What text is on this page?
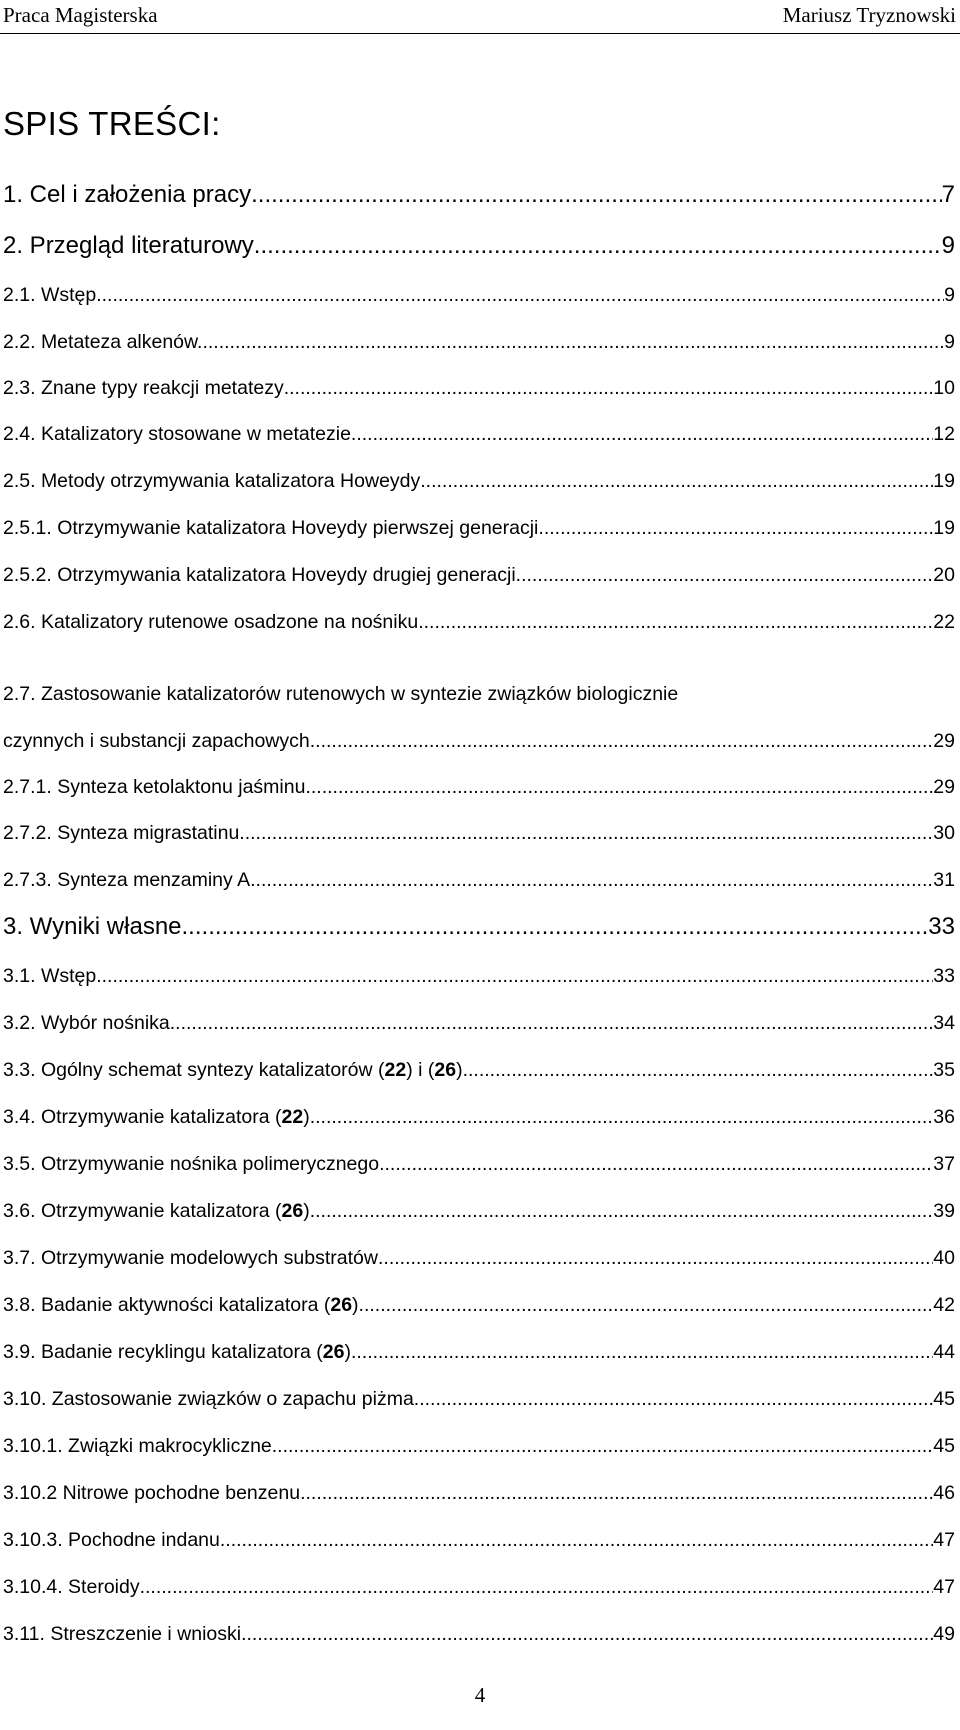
Praca Magisterska	Mariusz Tryznowski
SPIS TREŚCI:
1. Cel i założenia pracy .....	7
2. Przegląd literaturowy .....	9
2.1. Wstęp .....	9
2.2. Metateza alkenów. .....	9
2.3. Znane typy reakcji metatezy .....	10
2.4. Katalizatory stosowane w metatezie. .....	12
2.5. Metody otrzymywania katalizatora Howeydy .....	19
2.5.1. Otrzymywanie katalizatora Hoveydy pierwszej generacji. .....	19
2.5.2. Otrzymywania katalizatora Hoveydy drugiej generacji. .....	20
2.6. Katalizatory rutenowe osadzone na nośniku .....	22
2.7. Zastosowanie katalizatorów rutenowych w syntezie związków biologicznie
czynnych i substancji zapachowych .....	29
2.7.1. Synteza ketolaktonu jaśminu .....	29
2.7.2. Synteza migrastatinu .....	30
2.7.3. Synteza menzaminy A .....	31
3. Wyniki własne .....	33
3.1. Wstęp .....	33
3.2. Wybór nośnika .....	34
3.3. Ogólny schemat syntezy katalizatorów (22) i (26) .....	35
3.4. Otrzymywanie katalizatora (22) .....	36
3.5. Otrzymywanie nośnika polimerycznego .....	37
3.6. Otrzymywanie katalizatora (26) .....	39
3.7. Otrzymywanie modelowych substratów .....	40
3.8. Badanie aktywności katalizatora (26) .....	42
3.9. Badanie recyklingu katalizatora (26) .....	44
3.10. Zastosowanie związków o zapachu piżma .....	45
3.10.1. Związki makrocykliczne .....	45
3.10.2 Nitrowe pochodne benzenu .....	46
3.10.3. Pochodne indanu .....	47
3.10.4. Steroidy .....	47
3.11. Streszczenie i wnioski .....	49
4
